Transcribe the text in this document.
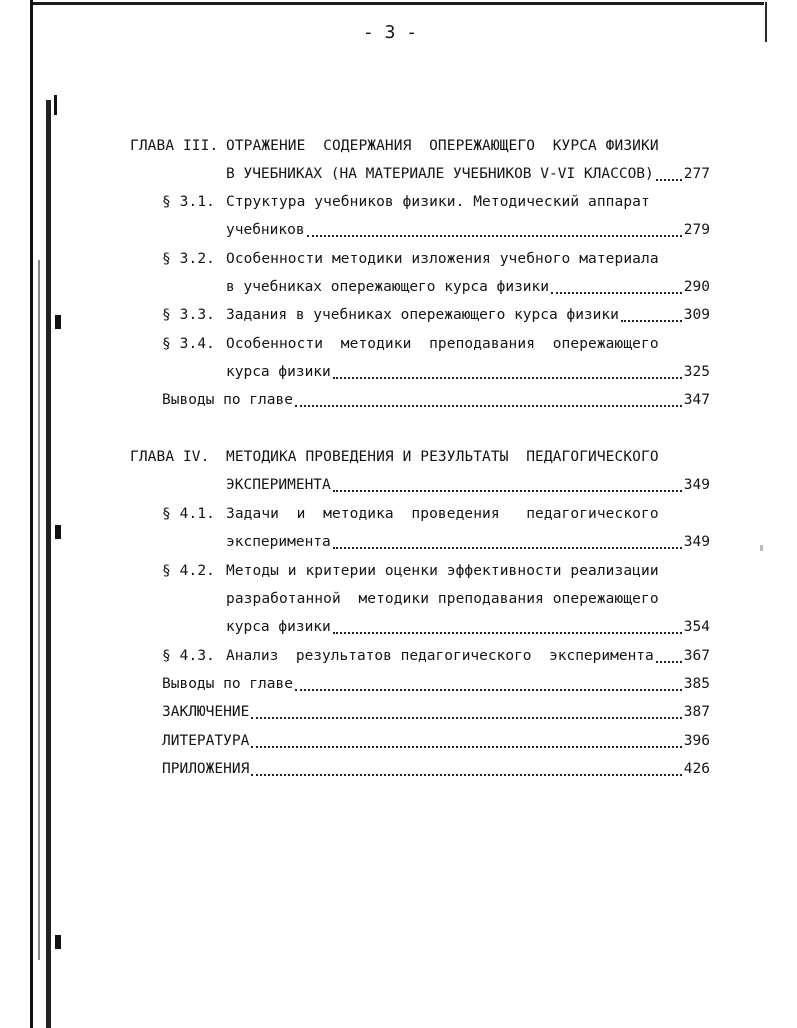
- 3 -
ГЛАВА III. ОТРАЖЕНИЕ  СОДЕРЖАНИЯ  ОПЕРЕЖАЮЩЕГО  КУРСА ФИЗИКИ
В УЧЕБНИКАХ (НА МАТЕРИАЛЕ УЧЕБНИКОВ V-VI КЛАССОВ) 277
§ 3.1. Структура учебников физики. Методический аппарат
учебников	279
§ 3.2. Особенности методики изложения учебного материала
в учебниках опережающего курса физики	290
§ 3.3. Задания в учебниках опережающего курса физики	309
§ 3.4. Особенности  методики  преподавания  опережающего
курса физики	325
Выводы по главе	347
ГЛАВА IV. МЕТОДИКА ПРОВЕДЕНИЯ И РЕЗУЛЬТАТЫ  ПЕДАГОГИЧЕСКОГО
ЭКСПЕРИМЕНТА	349
§ 4.1. Задачи  и  методика  проведения   педагогического
эксперимента	349
§ 4.2. Методы и критерии оценки эффективности реализации
разработанной  методики преподавания опережающего
курса физики	354
§ 4.3. Анализ  результатов педагогического  эксперимента 367
Выводы по главе	385
ЗАКЛЮЧЕНИЕ	387
ЛИТЕРАТУРА	396
ПРИЛОЖЕНИЯ	426
